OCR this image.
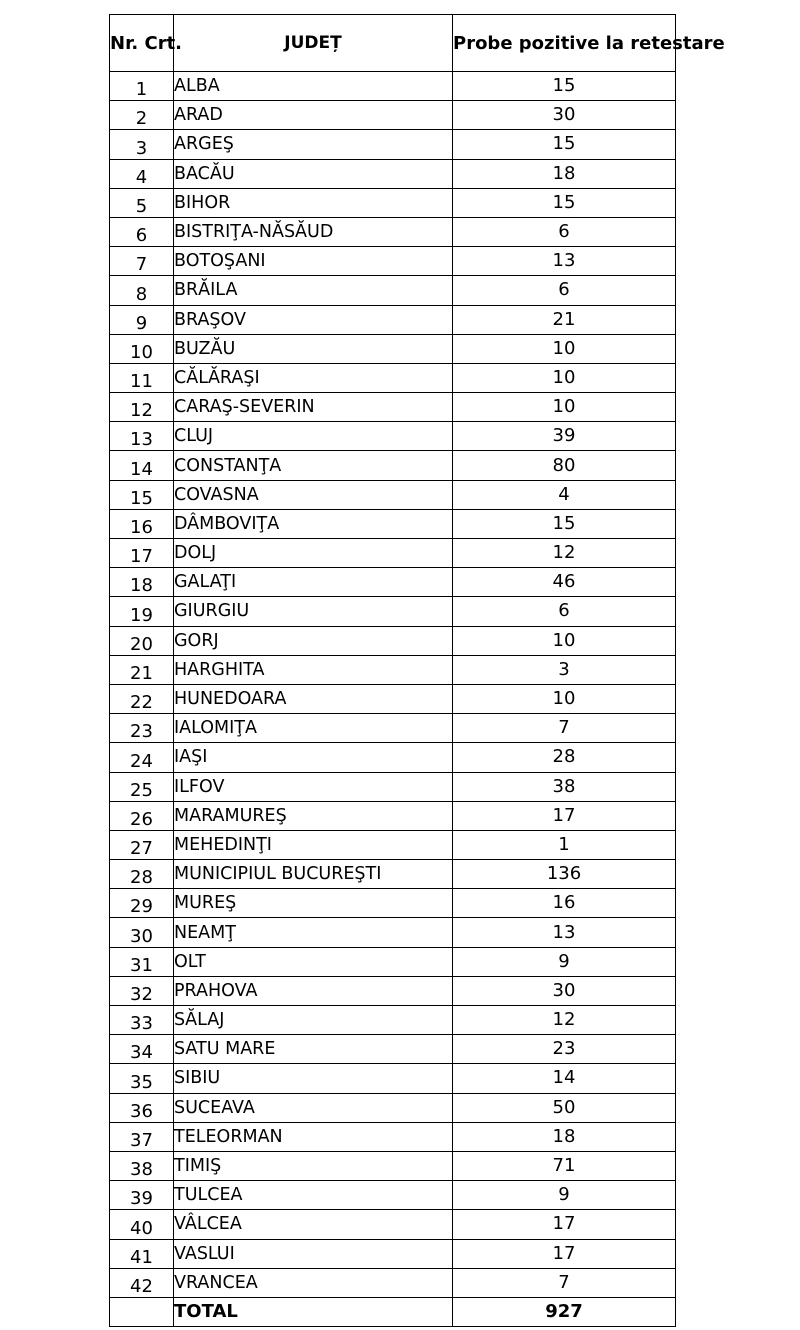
Nr. Crt.	JUDEȚ	Probe pozitive la retestare
1	ALBA	15
2	ARAD	30
3	ARGEŞ	15
4	BACĂU	18
5	BIHOR	15
6	BISTRIŢA-NĂSĂUD	6
7	BOTOŞANI	13
8	BRĂILA	6
9	BRAŞOV	21
10	BUZĂU	10
11	CĂLĂRAŞI	10
12	CARAŞ-SEVERIN	10
13	CLUJ	39
14	CONSTANŢA	80
15	COVASNA	4
16	DÂMBOVIŢA	15
17	DOLJ	12
18	GALAŢI	46
19	GIURGIU	6
20	GORJ	10
21	HARGHITA	3
22	HUNEDOARA	10
23	IALOMIŢA	7
24	IAŞI	28
25	ILFOV	38
26	MARAMUREŞ	17
27	MEHEDINŢI	1
28	MUNICIPIUL BUCUREŞTI	136
29	MUREŞ	16
30	NEAMŢ	13
31	OLT	9
32	PRAHOVA	30
33	SĂLAJ	12
34	SATU MARE	23
35	SIBIU	14
36	SUCEAVA	50
37	TELEORMAN	18
38	TIMIŞ	71
39	TULCEA	9
40	VÂLCEA	17
41	VASLUI	17
42	VRANCEA	7
	TOTAL	927
